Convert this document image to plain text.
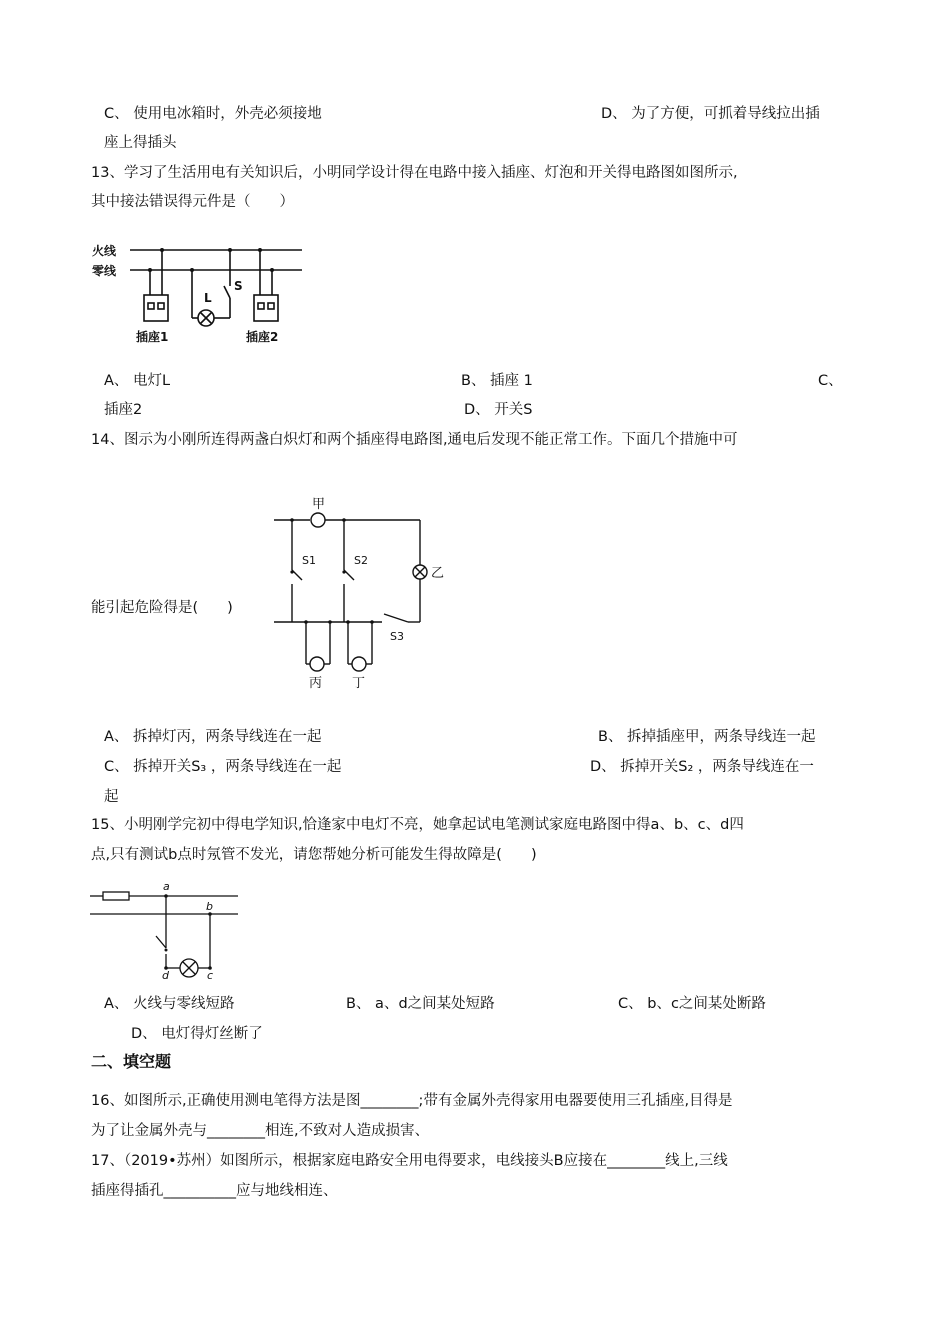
C、 使用电冰箱时，外壳必须接地	D、 为了方便，可抓着导线拉出插
座上得插头
13、学习了生活用电有关知识后，小明同学设计得在电路中接入插座、灯泡和开关得电路图如图所示,
其中接法错误得元件是（　　）
火线
零线
L
S
插座1	插座2
A、 电灯L	B、 插座 1	C、
插座2	D、 开关S
14、图示为小刚所连得两盏白炽灯和两个插座得电路图,通电后发现不能正常工作。下面几个措施中可
能引起危险得是(　　)
甲
乙
丙 丁
S1	S2
S3
A、 拆掉灯丙，两条导线连在一起	B、 拆掉插座甲，两条导线连一起
C、 拆掉开关S₃ ，两条导线连在一起	D、 拆掉开关S₂ ，两条导线连在一
起
15、小明刚学完初中得电学知识,恰逢家中电灯不亮，她拿起试电笔测试家庭电路图中得a、b、c、d四
点,只有测试b点时氖管不发光，请您帮她分析可能发生得故障是(　　)
a
b
c
d
A、 火线与零线短路	B、 a、d之间某处短路	C、 b、c之间某处断路
D、 电灯得灯丝断了
二、填空题
16、如图所示,正确使用测电笔得方法是图________;带有金属外壳得家用电器要使用三孔插座,目得是
为了让金属外壳与________相连,不致对人造成损害、
17、（2019•苏州）如图所示，根据家庭电路安全用电得要求，电线接头B应接在________线上,三线
插座得插孔__________应与地线相连、
